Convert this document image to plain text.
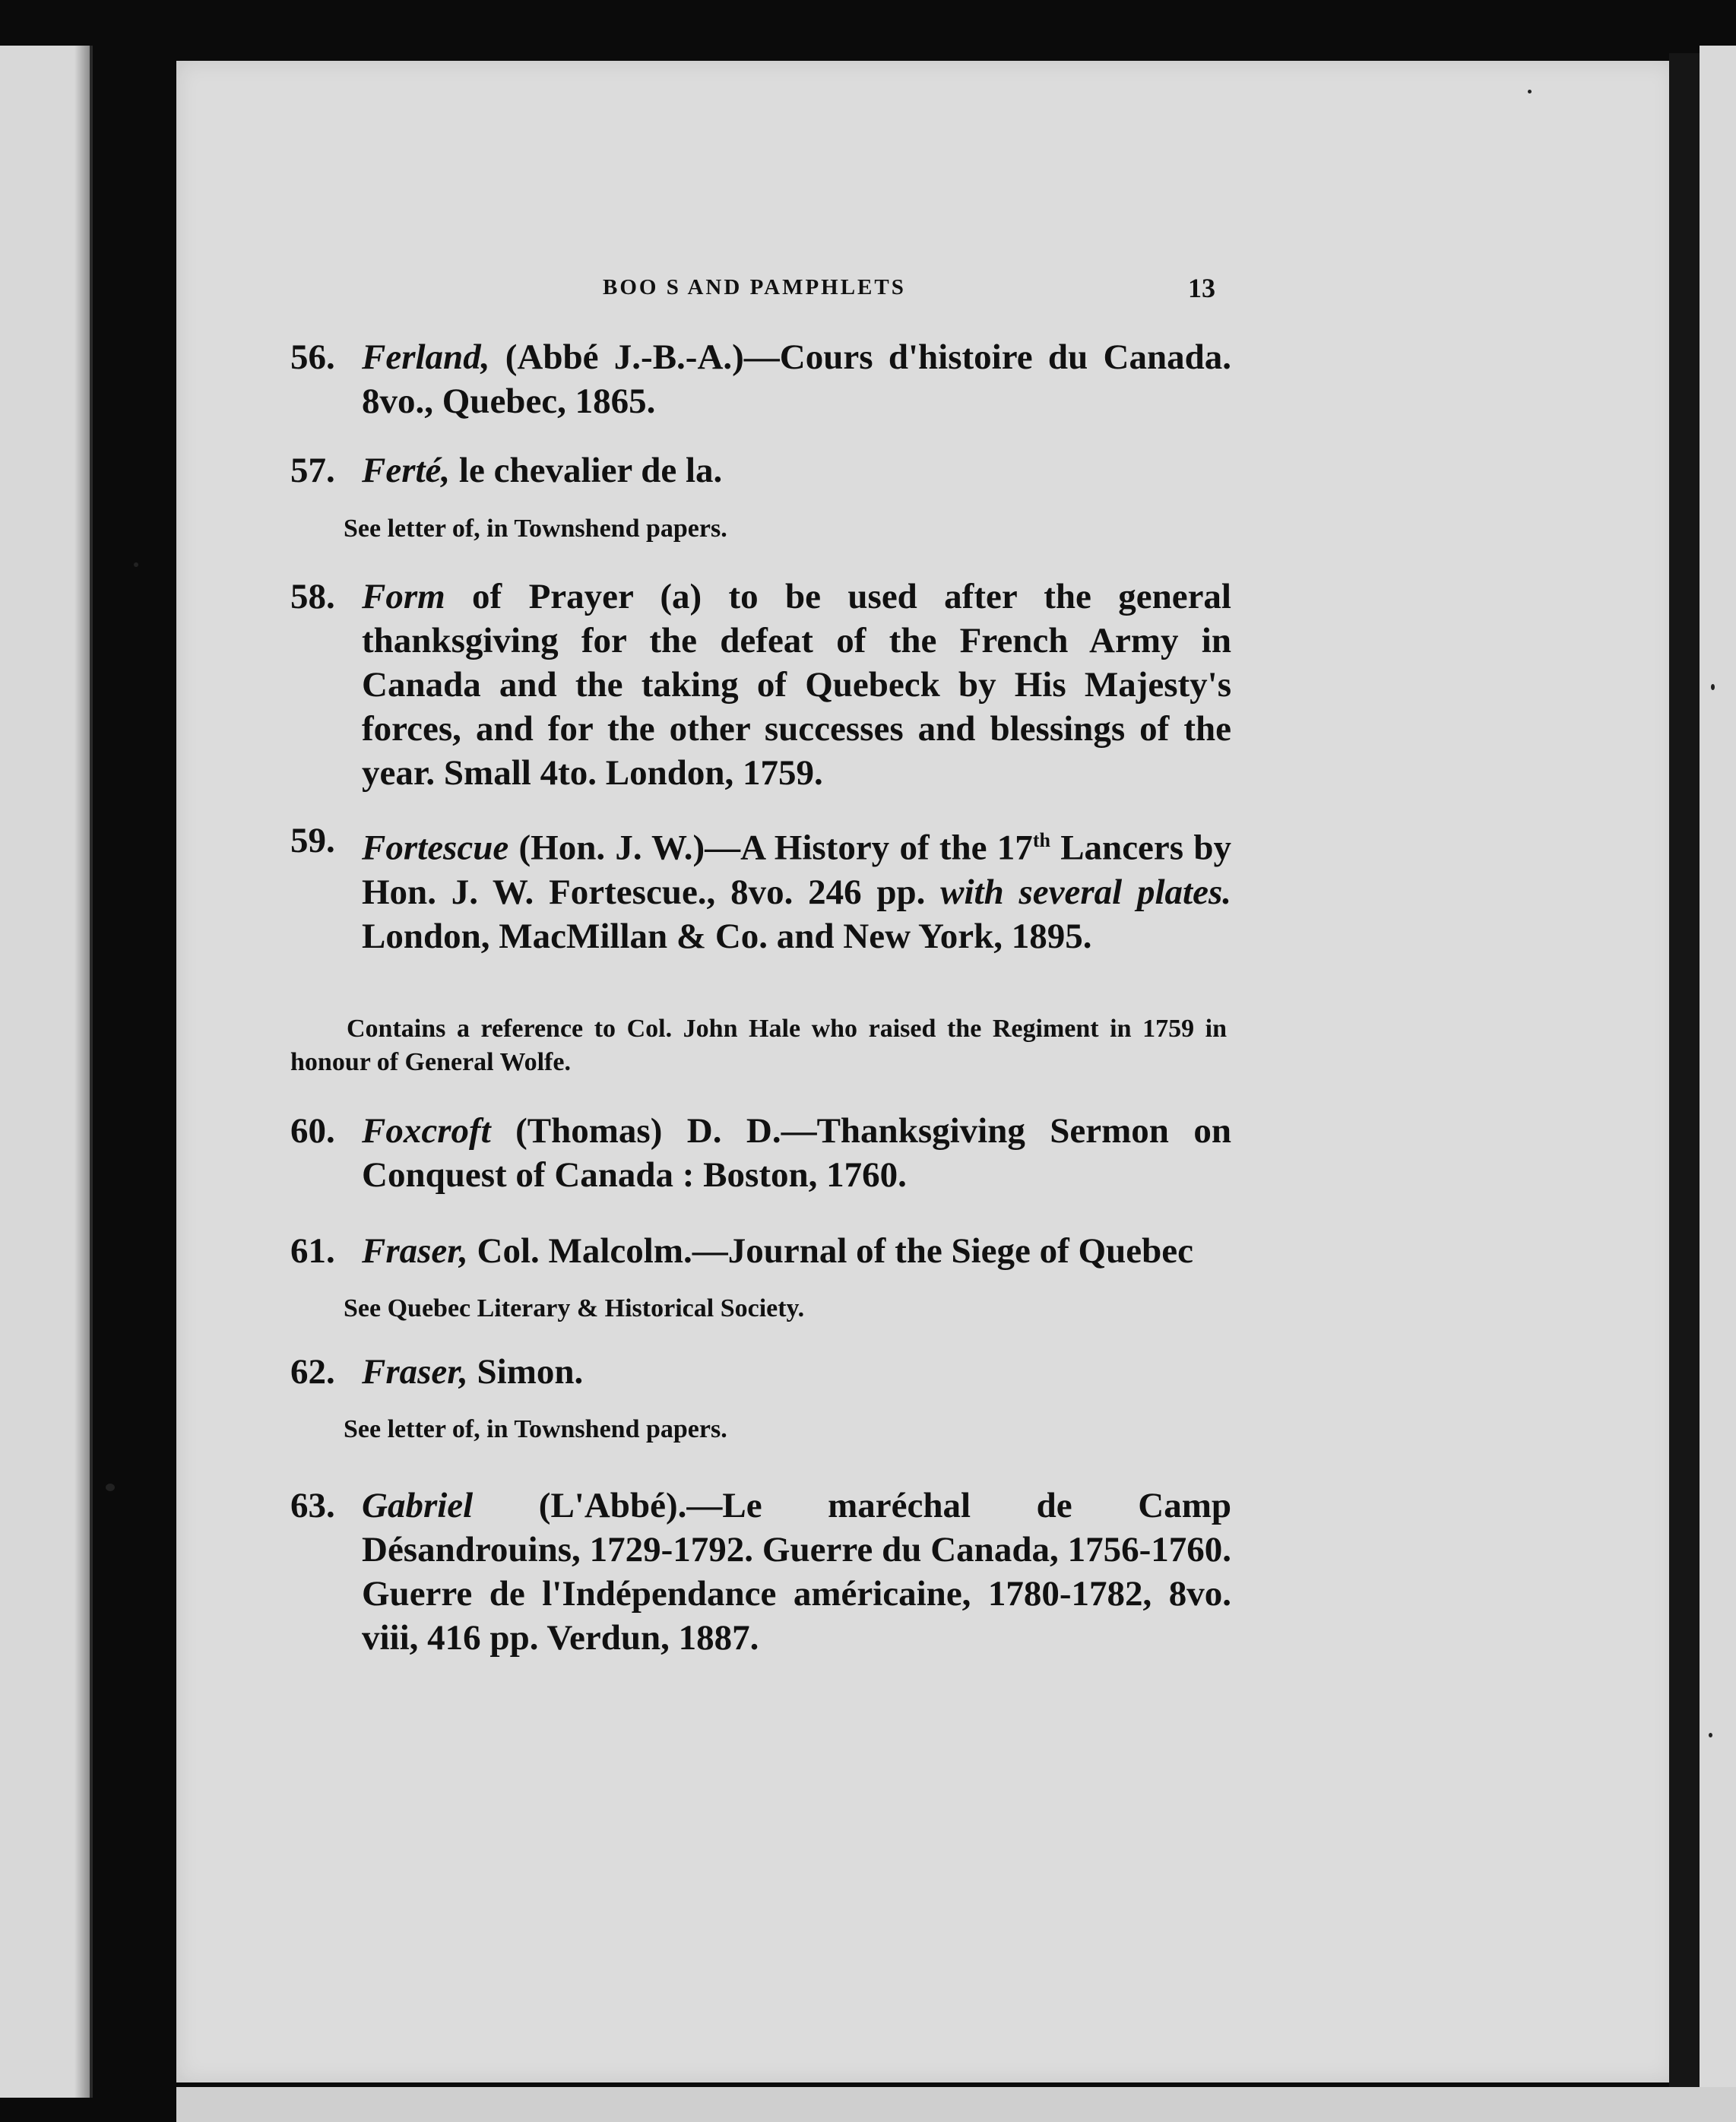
BOO S AND PAMPHLETS	13
56. Ferland, (Abbé J.-B.-A.)—Cours d'histoire du Canada. 8vo., Quebec, 1865.
57. Ferté, le chevalier de la.
See letter of, in Townshend papers.
58. Form of Prayer (a) to be used after the general thanksgiving for the defeat of the French Army in Canada and the taking of Quebeck by His Majesty's forces, and for the other successes and blessings of the year. Small 4to. London, 1759.
59. Fortescue (Hon. J. W.)—A History of the 17th Lancers by Hon. J. W. Fortescue., 8vo. 246 pp. with several plates. London, MacMillan & Co. and New York, 1895.
Contains a reference to Col. John Hale who raised the Regiment in 1759 in honour of General Wolfe.
60. Foxcroft (Thomas) D. D.—Thanksgiving Sermon on Conquest of Canada : Boston, 1760.
61. Fraser, Col. Malcolm.—Journal of the Siege of Quebec
See Quebec Literary & Historical Society.
62. Fraser, Simon.
See letter of, in Townshend papers.
63. Gabriel (L'Abbé).—Le maréchal de Camp Désandrouins, 1729-1792. Guerre du Canada, 1756-1760. Guerre de l'Indépendance américaine, 1780-1782, 8vo. viii, 416 pp. Verdun, 1887.
